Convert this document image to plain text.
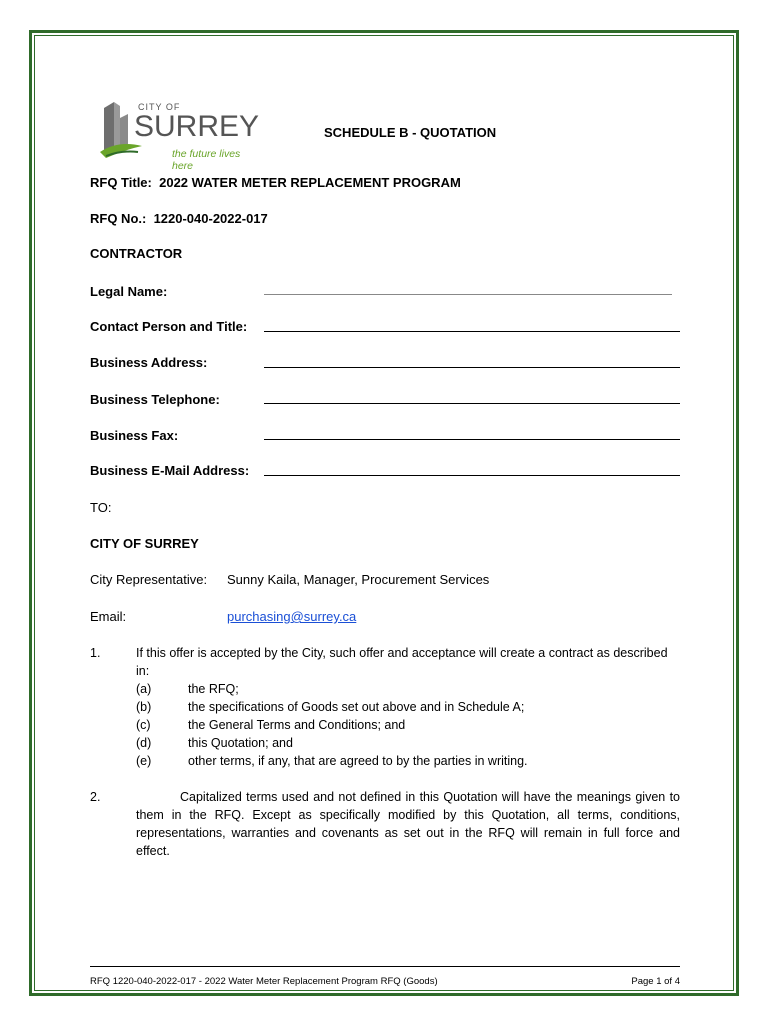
CITY OF
SURREY
the future lives here
SCHEDULE B - QUOTATION
RFQ Title: 2022 WATER METER REPLACEMENT PROGRAM
RFQ No.: 1220-040-2022-017
CONTRACTOR
Legal Name:
Contact Person and Title:
Business Address:
Business Telephone:
Business Fax:
Business E-Mail Address:
TO:
CITY OF SURREY
City Representative: Sunny Kaila, Manager, Procurement Services
Email:	purchasing@surrey.ca
1.	If this offer is accepted by the City, such offer and acceptance will create a contract as described in:
(a)	the RFQ;
(b)	the specifications of Goods set out above and in Schedule A;
(c)	the General Terms and Conditions; and
(d)	this Quotation; and
(e)	other terms, if any, that are agreed to by the parties in writing.
2.	Capitalized terms used and not defined in this Quotation will have the meanings given to them in the RFQ. Except as specifically modified by this Quotation, all terms, conditions, representations, warranties and covenants as set out in the RFQ will remain in full force and effect.
RFQ 1220-040-2022-017 - 2022 Water Meter Replacement Program RFQ (Goods)	Page 1 of 4
